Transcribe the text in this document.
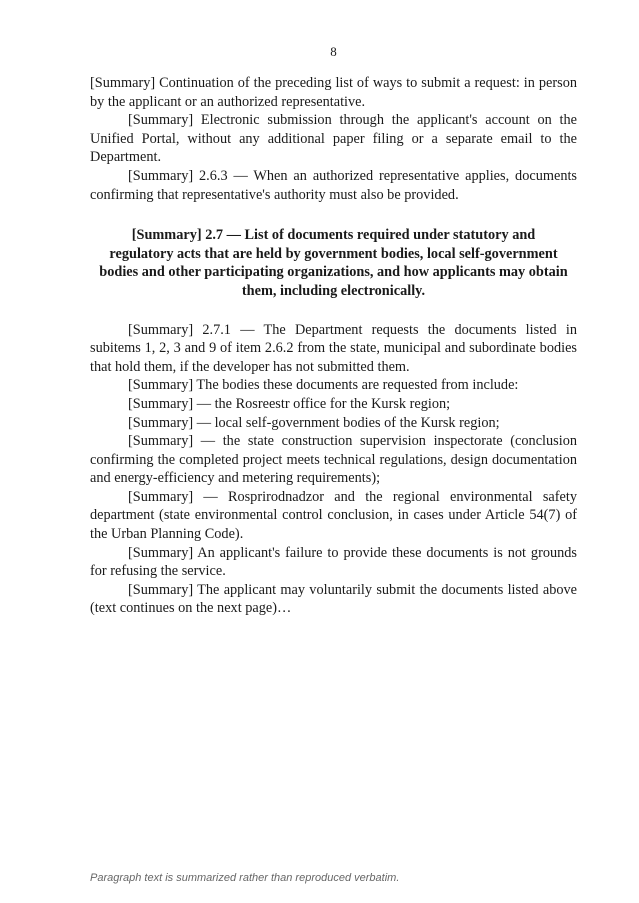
8

[Summary] Continuation of the preceding list of ways to submit a request: in person by the applicant or an authorized representative.

[Summary] Electronic submission through the applicant's account on the Unified Portal, without any additional paper filing or a separate email to the Department.

[Summary] 2.6.3 — When an authorized representative applies, documents confirming that representative's authority must also be provided.

[Summary] 2.7 — List of documents required under statutory and regulatory acts that are held by government bodies, local self-government bodies and other participating organizations, and how applicants may obtain them, including electronically.

[Summary] 2.7.1 — The Department requests the documents listed in subitems 1, 2, 3 and 9 of item 2.6.2 from the state, municipal and subordinate bodies that hold them, if the developer has not submitted them.

[Summary] The bodies these documents are requested from include:

[Summary] — the Rosreestr office for the Kursk region;

[Summary] — local self-government bodies of the Kursk region;

[Summary] — the state construction supervision inspectorate (conclusion confirming the completed project meets technical regulations, design documentation and energy-efficiency and metering requirements);

[Summary] — Rosprirodnadzor and the regional environmental safety department (state environmental control conclusion, in cases under Article 54(7) of the Urban Planning Code).

[Summary] An applicant's failure to provide these documents is not grounds for refusing the service.

[Summary] The applicant may voluntarily submit the documents listed above (text continues on the next page)…

Paragraph text is summarized rather than reproduced verbatim.
